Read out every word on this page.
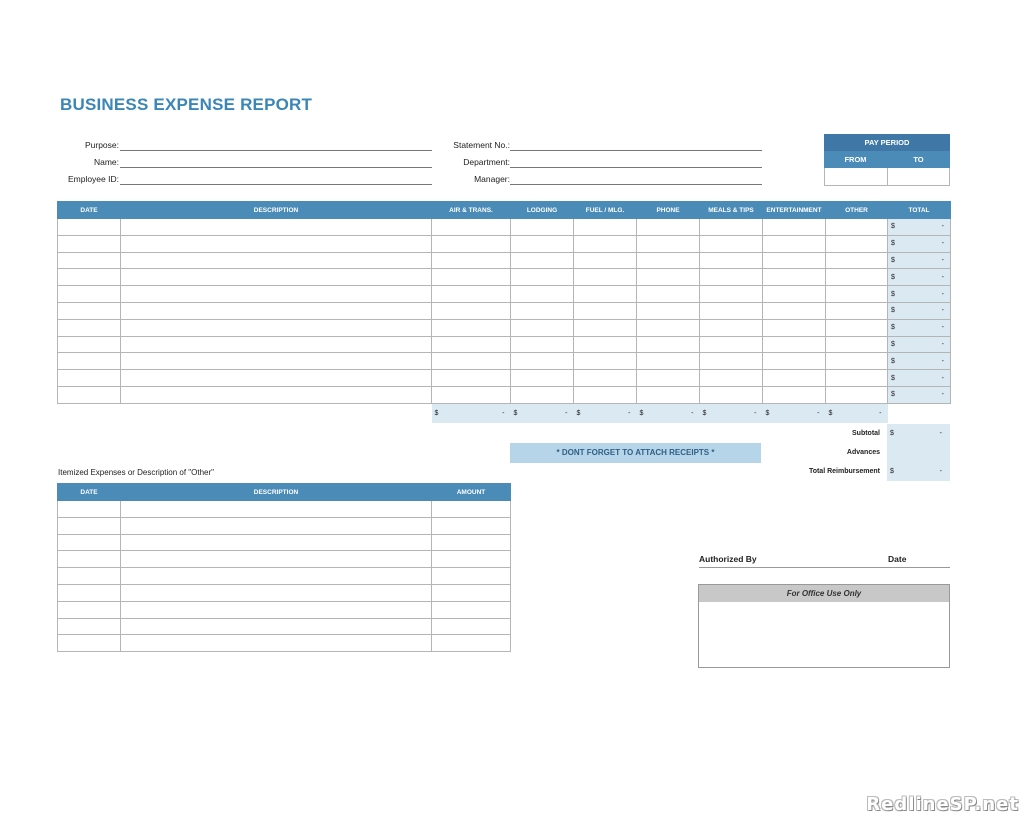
BUSINESS EXPENSE REPORT
Purpose:
Name:
Employee ID:
Statement No.:
Department:
Manager:
PAY PERIOD
FROM	TO
DATE	DESCRIPTION	AIR & TRANS.	LODGING	FUEL / MLG.	PHONE	MEALS & TIPS	ENTERTAINMENT	OTHER	TOTAL

									$ -

									$ -

									$ -

									$ -

									$ -

									$ -

									$ -

									$ -

									$ -

									$ -

									$ -

		$ -	$ -	$ -	$ -	$ -	$ -	$ -	

Subtotal $	-
Advances
Total Reimbursement $	-
* DONT FORGET TO ATTACH RECEIPTS *
Itemized Expenses or Description of "Other"
DATE	DESCRIPTION	AMOUNT

Authorized By	Date
For Office Use Only
RedlineSP.net
